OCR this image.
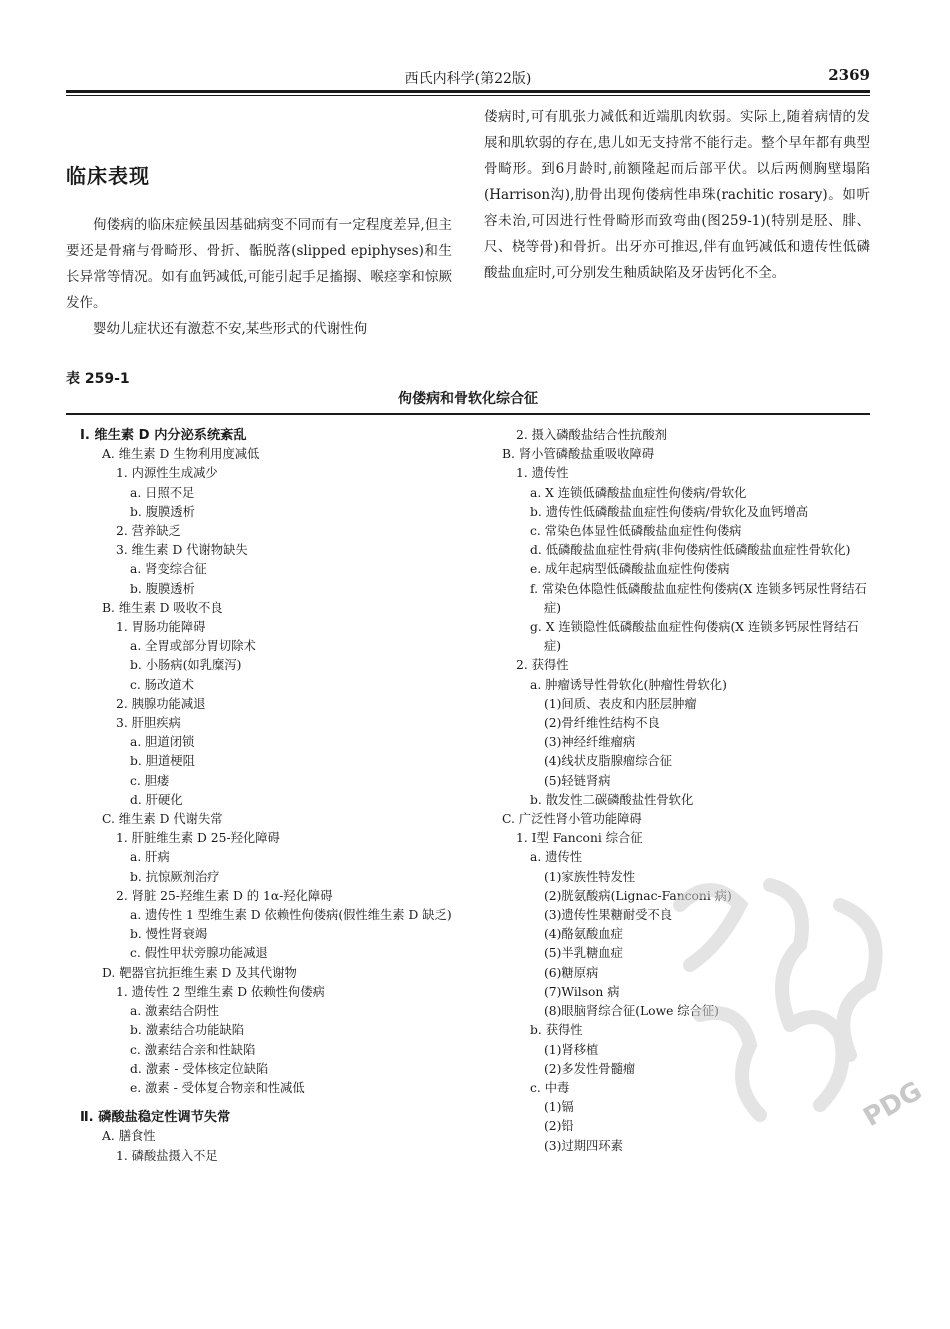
西氏内科学(第22版)	2369
临床表现

佝偻病的临床症候虽因基础病变不同而有一定程度差异,但主要还是骨痛与骨畸形、骨折、骺脱落(slipped epiphyses)和生长异常等情况。如有血钙减低,可能引起手足搐搦、喉痉挛和惊厥发作。

婴幼儿症状还有激惹不安,某些形式的代谢性佝

偻病时,可有肌张力减低和近端肌肉软弱。实际上,随着病情的发展和肌软弱的存在,患儿如无支持常不能行走。整个早年都有典型骨畸形。到6月龄时,前额隆起而后部平伏。以后两侧胸壁塌陷(Harrison沟),肋骨出现佝偻病性串珠(rachitic rosary)。如听容未治,可因进行性骨畸形而致弯曲(图259-1)(特别是胫、腓、尺、桡等骨)和骨折。出牙亦可推迟,伴有血钙减低和遗传性低磷酸盐血症时,可分别发生釉质缺陷及牙齿钙化不全。

表 259-1
佝偻病和骨软化综合征
Ⅰ. 维生素 D 内分泌系统紊乱
A. 维生素 D 生物利用度减低
1. 内源性生成减少
a. 日照不足
b. 腹膜透析
2. 营养缺乏
3. 维生素 D 代谢物缺失
a. 肾变综合征
b. 腹膜透析
B. 维生素 D 吸收不良
1. 胃肠功能障碍
a. 全胃或部分胃切除术
b. 小肠病(如乳糜泻)
c. 肠改道术
2. 胰腺功能减退
3. 肝胆疾病
a. 胆道闭锁
b. 胆道梗阻
c. 胆瘘
d. 肝硬化
C. 维生素 D 代谢失常
1. 肝脏维生素 D 25-羟化障碍
a. 肝病
b. 抗惊厥剂治疗
2. 肾脏 25-羟维生素 D 的 1α-羟化障碍
a. 遗传性 1 型维生素 D 依赖性佝偻病(假性维生素 D 缺乏)
b. 慢性肾衰竭
c. 假性甲状旁腺功能减退
D. 靶器官抗拒维生素 D 及其代谢物
1. 遗传性 2 型维生素 D 依赖性佝偻病
a. 激素结合阴性
b. 激素结合功能缺陷
c. 激素结合亲和性缺陷
d. 激素 - 受体核定位缺陷
e. 激素 - 受体复合物亲和性减低
Ⅱ. 磷酸盐稳定性调节失常
A. 膳食性
1. 磷酸盐摄入不足
2. 摄入磷酸盐结合性抗酸剂
B. 肾小管磷酸盐重吸收障碍
1. 遗传性
a. X 连锁低磷酸盐血症性佝偻病/骨软化
b. 遗传性低磷酸盐血症性佝偻病/骨软化及血钙增高
c. 常染色体显性低磷酸盐血症性佝偻病
d. 低磷酸盐血症性骨病(非佝偻病性低磷酸盐血症性骨软化)
e. 成年起病型低磷酸盐血症性佝偻病
f. 常染色体隐性低磷酸盐血症性佝偻病(X 连锁多钙尿性肾结石症)
g. X 连锁隐性低磷酸盐血症性佝偻病(X 连锁多钙尿性肾结石症)
2. 获得性
a. 肿瘤诱导性骨软化(肿瘤性骨软化)
(1)间质、表皮和内胚层肿瘤
(2)骨纤维性结构不良
(3)神经纤维瘤病
(4)线状皮脂腺瘤综合征
(5)轻链肾病
b. 散发性二碳磷酸盐性骨软化
C. 广泛性肾小管功能障碍
1. Ⅰ型 Fanconi 综合征
a. 遗传性
(1)家族性特发性
(2)胱氨酸病(Lignac-Fanconi 病)
(3)遗传性果糖耐受不良
(4)酪氨酸血症
(5)半乳糖血症
(6)糖原病
(7)Wilson 病
(8)眼脑肾综合征(Lowe 综合征)
b. 获得性
(1)肾移植
(2)多发性骨髓瘤
c. 中毒
(1)镉
(2)铅
(3)过期四环素
PDG
